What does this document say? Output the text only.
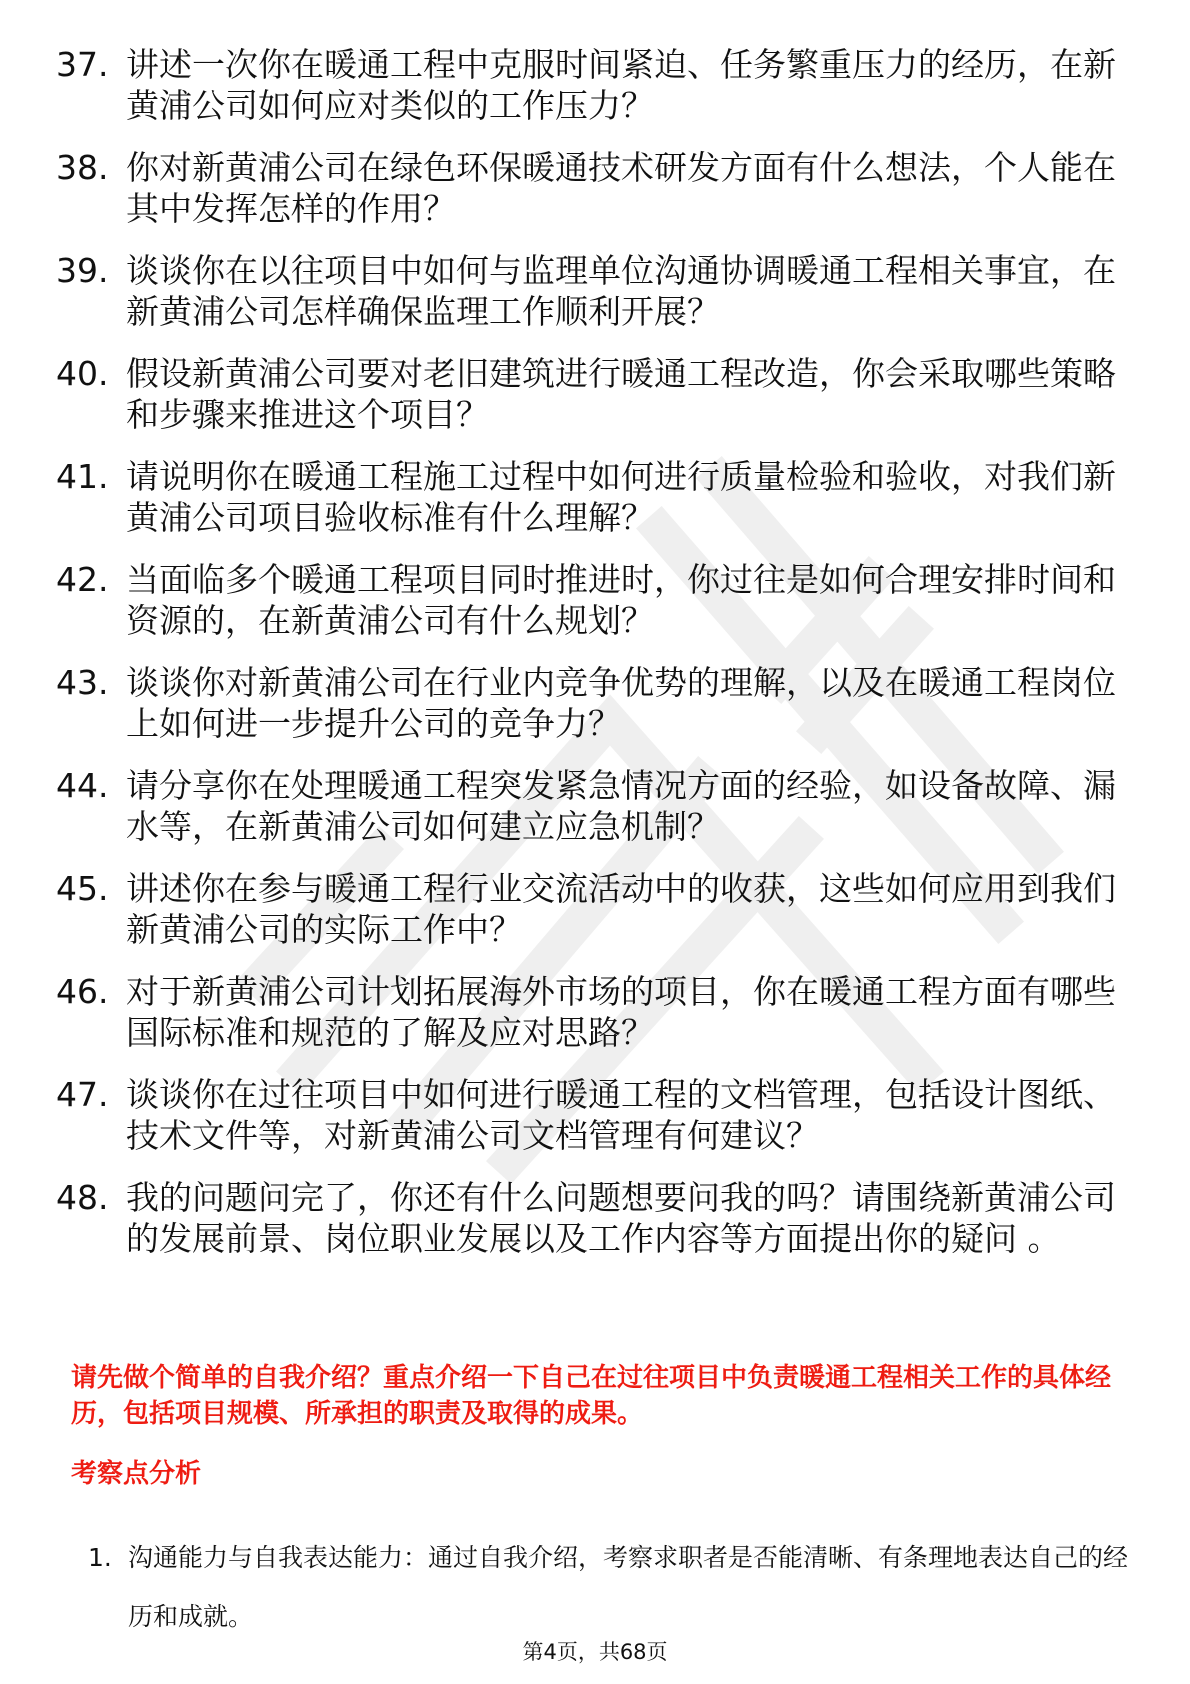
37. 讲述一次你在暖通工程中克服时间紧迫、任务繁重压力的经历，在新黄浦公司如何应对类似的工作压力？
38. 你对新黄浦公司在绿色环保暖通技术研发方面有什么想法，个人能在其中发挥怎样的作用？
39. 谈谈你在以往项目中如何与监理单位沟通协调暖通工程相关事宜，在新黄浦公司怎样确保监理工作顺利开展？
40. 假设新黄浦公司要对老旧建筑进行暖通工程改造，你会采取哪些策略和步骤来推进这个项目？
41. 请说明你在暖通工程施工过程中如何进行质量检验和验收，对我们新黄浦公司项目验收标准有什么理解？
42. 当面临多个暖通工程项目同时推进时，你过往是如何合理安排时间和资源的，在新黄浦公司有什么规划？
43. 谈谈你对新黄浦公司在行业内竞争优势的理解，以及在暖通工程岗位上如何进一步提升公司的竞争力？
44. 请分享你在处理暖通工程突发紧急情况方面的经验，如设备故障、漏水等，在新黄浦公司如何建立应急机制？
45. 讲述你在参与暖通工程行业交流活动中的收获，这些如何应用到我们新黄浦公司的实际工作中？
46. 对于新黄浦公司计划拓展海外市场的项目，你在暖通工程方面有哪些国际标准和规范的了解及应对思路？
47. 谈谈你在过往项目中如何进行暖通工程的文档管理，包括设计图纸、技术文件等，对新黄浦公司文档管理有何建议？
48. 我的问题问完了，你还有什么问题想要问我的吗？请围绕新黄浦公司的发展前景、岗位职业发展以及工作内容等方面提出你的疑问 。
请先做个简单的自我介绍？重点介绍一下自己在过往项目中负责暖通工程相关工作的具体经历，包括项目规模、所承担的职责及取得的成果。
考察点分析
1. 沟通能力与自我表达能力：通过自我介绍，考察求职者是否能清晰、有条理地表达自己的经历和成就。
第4页，共68页
